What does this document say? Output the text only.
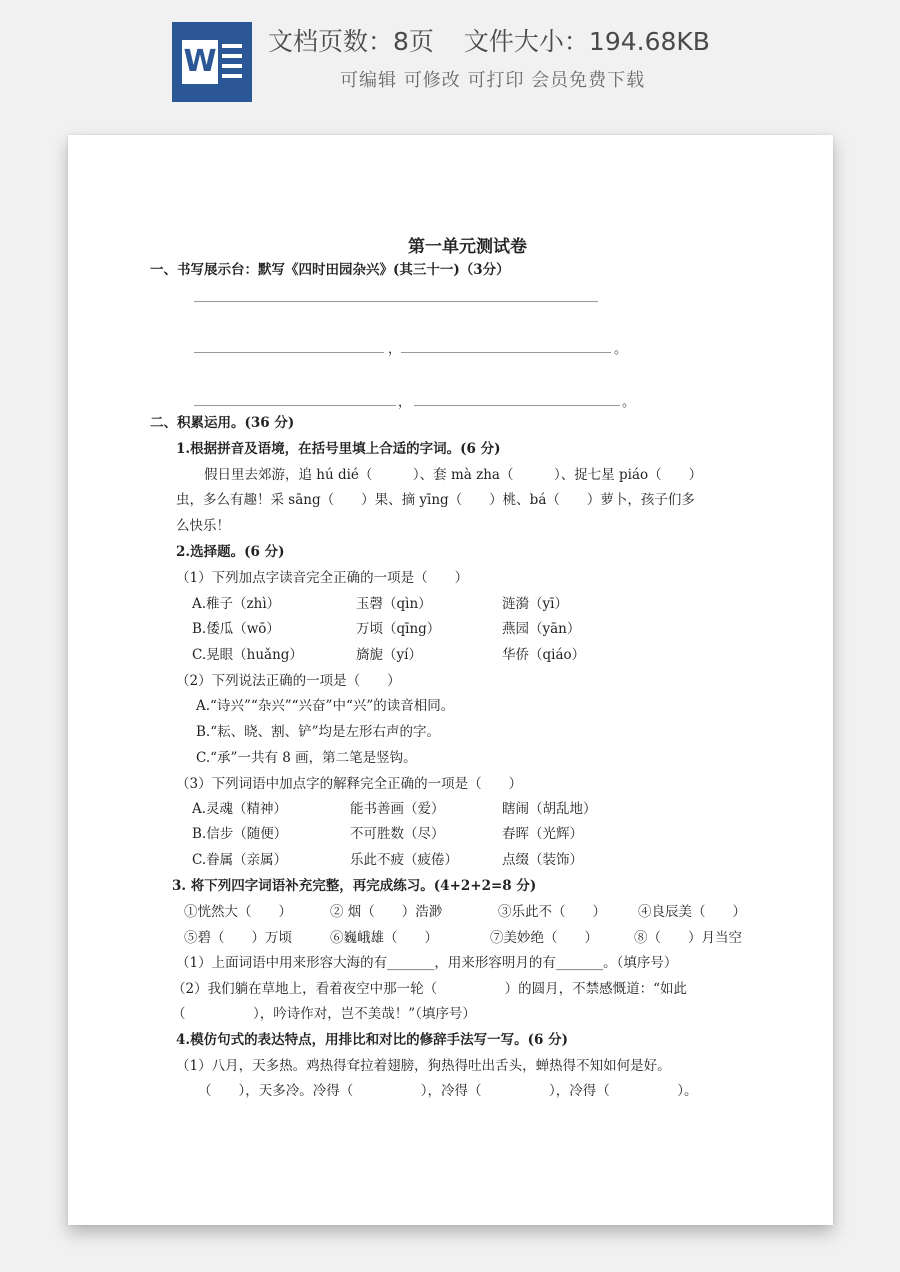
W
文档页数：8页 文件大小：194.68KB
可编辑 可修改 可打印 会员免费下载
第一单元测试卷
一、书写展示台：默写《四时田园杂兴》(其三十一)（3分）
，	。
，	。
二、积累运用。(36 分)
1.根据拼音及语境，在括号里填上合适的字词。(6 分)
假日里去郊游，追 hú dié（　　　）、套 mà zha（　　　）、捉七星 piáo（　　）
虫，多么有趣！采 sāng（　　）果、摘 yīng（　　）桃、bá（　　）萝卜，孩子们多
么快乐！
2.选择题。(6 分)
（1）下列加点字读音完全正确的一项是（　　）
A.稚子（zhì）	玉磬（qìn）	涟漪（yī）
B.倭瓜（wō）	万顷（qīng）	燕园（yān）
C.晃眼（huǎng）	旖旎（yí）	华侨（qiáo）
（2）下列说法正确的一项是（　　）
A.“诗兴”“杂兴”“兴奋”中“兴”的读音相同。
B.“耘、晓、割、铲”均是左形右声的字。
C.“承”一共有 8 画，第二笔是竖钩。
（3）下列词语中加点字的解释完全正确的一项是（　　）
A.灵魂（精神）	能书善画（爱）	瞎闹（胡乱地）
B.信步（随便）	不可胜数（尽）	春晖（光辉）
C.眷属（亲属）	乐此不疲（疲倦）	点缀（装饰）
3. 将下列四字词语补充完整，再完成练习。(4+2+2=8 分)
①恍然大（　　）	② 烟（　　）浩渺	③乐此不（　　） ④良辰美（　　）
⑤碧（　　）万顷	⑥巍峨雄（　　）	⑦美妙绝（　　）	⑧（　　）月当空
（1）上面词语中用来形容大海的有_______，用来形容明月的有_______。（填序号）
（2）我们躺在草地上，看着夜空中那一轮（　　　　　）的圆月，不禁感慨道：“如此
（　　　　　），吟诗作对，岂不美哉！”（填序号）
4.模仿句式的表达特点，用排比和对比的修辞手法写一写。(6 分)
（1）八月，天多热。鸡热得耷拉着翅膀，狗热得吐出舌头，蝉热得不知如何是好。
（　　），天多冷。冷得（　　　　　），冷得（　　　　　），冷得（　　　　　）。
